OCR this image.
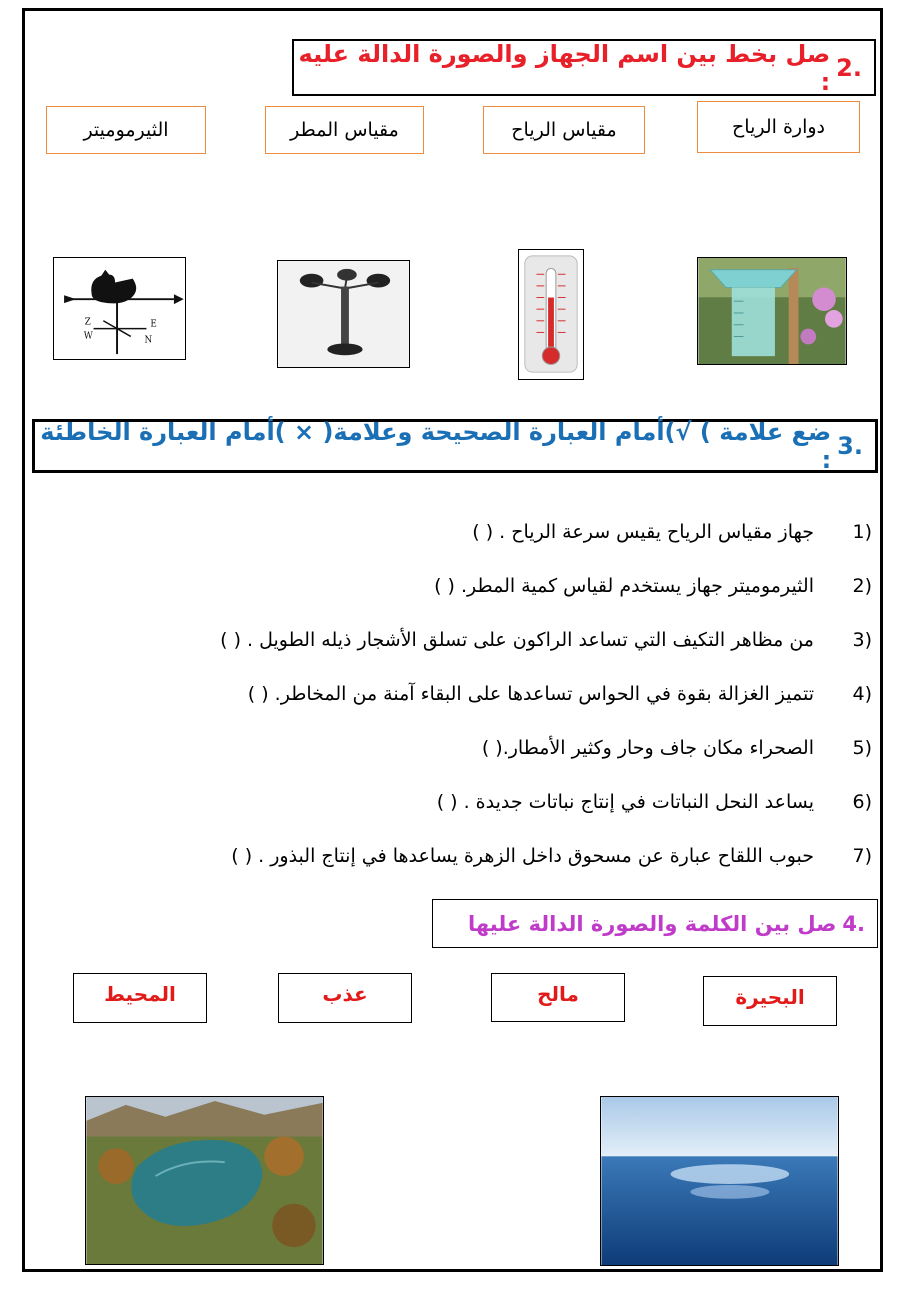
2.
صل بخط بين اسم الجهاز والصورة الدالة عليه :
الثيرموميتر	مقياس المطر	مقياس الرياح	دوارة الرياح
Z
W
E
N
3.
ضع علامة ) √)أمام العبارة الصحيحة وعلامة( × )أمام العبارة الخاطئة :
1)
جهاز مقياس الرياح يقيس سرعة الرياح . ( )
2)
الثيرموميتر جهاز يستخدم لقياس كمية المطر. ( )
3)
من مظاهر التكيف التي تساعد الراكون على تسلق الأشجار ذيله الطويل . ( )
4)
تتميز الغزالة بقوة في الحواس تساعدها على البقاء آمنة من المخاطر. ( )
5)
الصحراء مكان جاف وحار وكثير الأمطار.( )
6)
يساعد النحل النباتات في إنتاج نباتات جديدة . ( )
7)
حبوب اللقاح عبارة عن مسحوق داخل الزهرة يساعدها في إنتاج البذور . ( )
4.
صل بين الكلمة والصورة الدالة عليها
المحيط	عذب	مالح	البحيرة
